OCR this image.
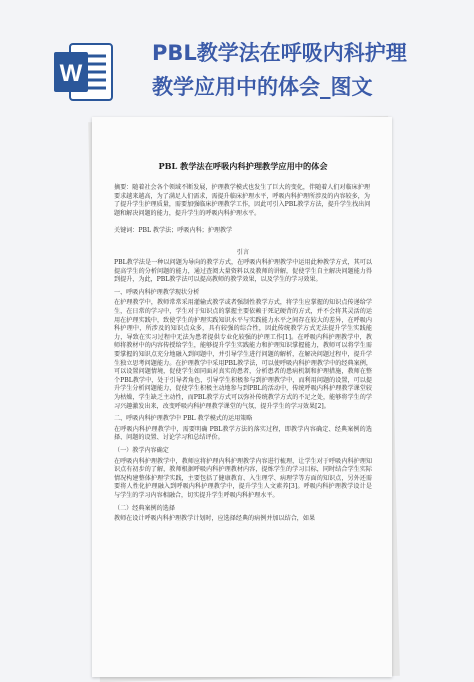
W
PBL教学法在呼吸内科护理
教学应用中的体会_图文
PBL 教学法在呼吸内科护理教学应用中的体会
摘要：随着社会各个领域不断发展，护理教学模式也发生了巨大的变化，伴随着人们对临床护理要求越来越高，为了满足人们需求，需提升临床护理水平，呼吸内科护理所涉及的内容较多，为了提升学生护理质量，需要加强临床护理教学工作，因此可引入PBL教学方法，提升学生找出问题和解决问题的能力，提升学生的呼吸内科护理水平。
关键词：PBL 教学法；呼吸内科；护理教学
引言

PBL教学法是一种以问题为导向的教学方式，在呼吸内科护理教学中运用此种教学方式，其可以提高学生的分析问题的能力，通过查阅大量资料以及教师的讲解，促使学生自主解决问题能力得到提升，为此，PBL教学法可以提高教师的教学效果，以及学生的学习效果。

一、呼吸内科护理教学现状分析

在护理教学中，教师常常采用灌输式教学或者强制性教学方式，将学生应掌握的知识点传递给学生，在日常的学习中，学生对于知识点的掌握主要依赖于死记硬背的方式，并不会将其灵活的运用在护理实践中，致使学生的护理实践知识水平与实践能力水平之间存在较大的差异，在呼吸内科护理中，所涉及的知识点众多，具有较强的综合性，因此传统教学方式无法提升学生实践能力，导致在实习过程中无法为患者提供专业化较强的护理工作[1]。在呼吸内科护理教学中，教师将教材中的内容传授给学生，能够提升学生实践能力和护理知识掌握能力，教师可以将学生需要掌握的知识点充分地融入到问题中，并引导学生进行问题的解析，在解决问题过程中，提升学生独立思考问题能力。在护理教学中采用PBL教学法，可以使呼吸内科护理教学中的经典案例，可以设置问题情境，促使学生如同面对真实的患者，分析患者的患病机制和护理措施，教师在整个PBL教学中，处于引导者角色，引导学生积极参与到护理教学中，而利用问题的设置，可以提升学生分析问题能力，促使学生积极主动地参与到PBL的活动中，传统呼吸内科护理教学课堂较为枯燥，学生缺乏主动性，而PBL教学方式可以弥补传统教学方式的不足之处，能够将学生的学习兴趣激发出来，改变呼吸内科护理教学课堂的气氛，提升学生的学习效果[2]。

二、呼吸内科护理教学中 PBL 教学模式的运用策略

在呼吸内科护理教学中，需要明确 PBL教学方法的落实过程，即教学内容确定、经典案例的选择、问题的设置、讨论学习和总结评价。

（一）教学内容确定

在呼吸内科护理教学中，教师应将护理内科护理教学内容进行梳理，让学生对于呼吸内科护理知识点有初步的了解，教师根据呼吸内科护理教材内容，提炼学生的学习目标，同时结合学生实际情况构建整体护理学实践，主要包括了健康教育、入生理学、病理学等方面的知识点，另外还需要将人性化护理融入到呼吸内科护理教学中，提升学生人文素养[3]。呼吸内科护理教学设计是与学生的学习内容相融合，切实提升学生呼吸内科护理水平。

（二）经典案例的选择

教师在设计呼吸内科护理教学计划时，应选择经典的病例并加以结合，如果
